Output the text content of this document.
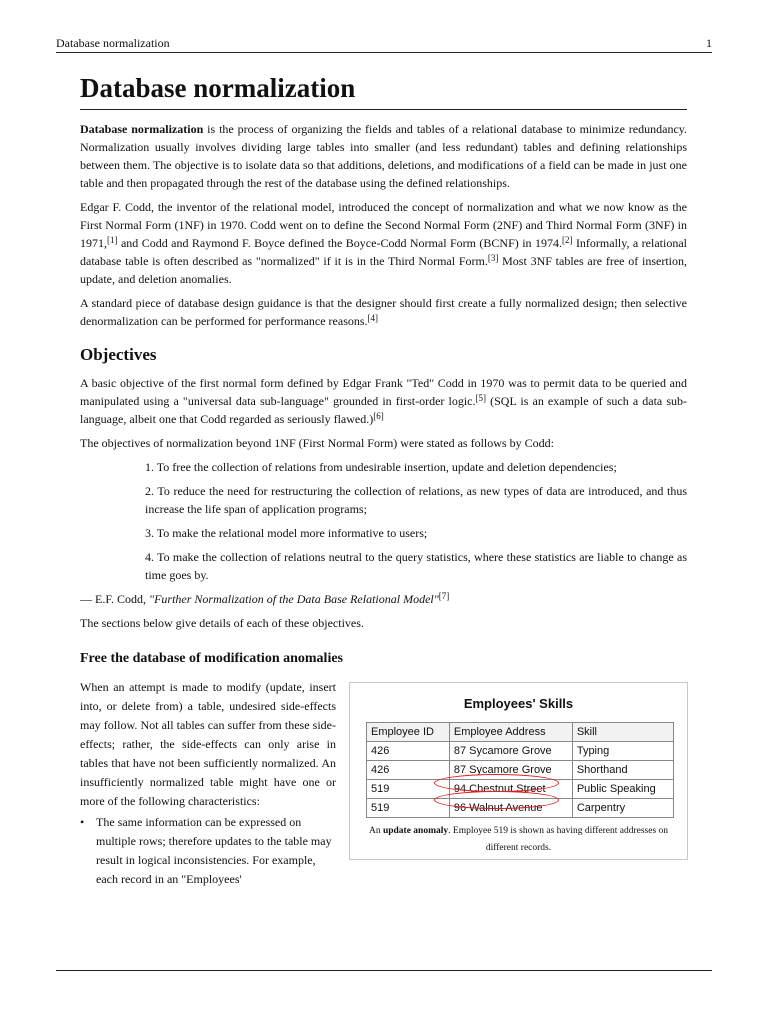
Database normalization	1
Database normalization

Database normalization is the process of organizing the fields and tables of a relational database to minimize redundancy. Normalization usually involves dividing large tables into smaller (and less redundant) tables and defining relationships between them. The objective is to isolate data so that additions, deletions, and modifications of a field can be made in just one table and then propagated through the rest of the database using the defined relationships.

Edgar F. Codd, the inventor of the relational model, introduced the concept of normalization and what we now know as the First Normal Form (1NF) in 1970. Codd went on to define the Second Normal Form (2NF) and Third Normal Form (3NF) in 1971,[1] and Codd and Raymond F. Boyce defined the Boyce-Codd Normal Form (BCNF) in 1974.[2] Informally, a relational database table is often described as "normalized" if it is in the Third Normal Form.[3] Most 3NF tables are free of insertion, update, and deletion anomalies.

A standard piece of database design guidance is that the designer should first create a fully normalized design; then selective denormalization can be performed for performance reasons.[4]

Objectives

A basic objective of the first normal form defined by Edgar Frank "Ted" Codd in 1970 was to permit data to be queried and manipulated using a "universal data sub-language" grounded in first-order logic.[5] (SQL is an example of such a data sub-language, albeit one that Codd regarded as seriously flawed.)[6]

The objectives of normalization beyond 1NF (First Normal Form) were stated as follows by Codd:

1. To free the collection of relations from undesirable insertion, update and deletion dependencies;

2. To reduce the need for restructuring the collection of relations, as new types of data are introduced, and thus increase the life span of application programs;

3. To make the relational model more informative to users;

4. To make the collection of relations neutral to the query statistics, where these statistics are liable to change as time goes by.

— E.F. Codd, "Further Normalization of the Data Base Relational Model"[7]

The sections below give details of each of these objectives.

Free the database of modification anomalies

When an attempt is made to modify (update, insert into, or delete from) a table, undesired side-effects may follow. Not all tables can suffer from these side-effects; rather, the side-effects can only arise in tables that have not been sufficiently normalized. An insufficiently normalized table might have one or more of the following characteristics:

• The same information can be expressed on multiple rows; therefore updates to the table may result in logical inconsistencies. For example, each record in an "Employees'
Employees' Skills
Employee ID	Employee Address	Skill
426	87 Sycamore Grove	Typing
426	87 Sycamore Grove	Shorthand
519	94 Chestnut Street	Public Speaking
519	96 Walnut Avenue	Carpentry
An update anomaly. Employee 519 is shown as having different addresses on different records.
